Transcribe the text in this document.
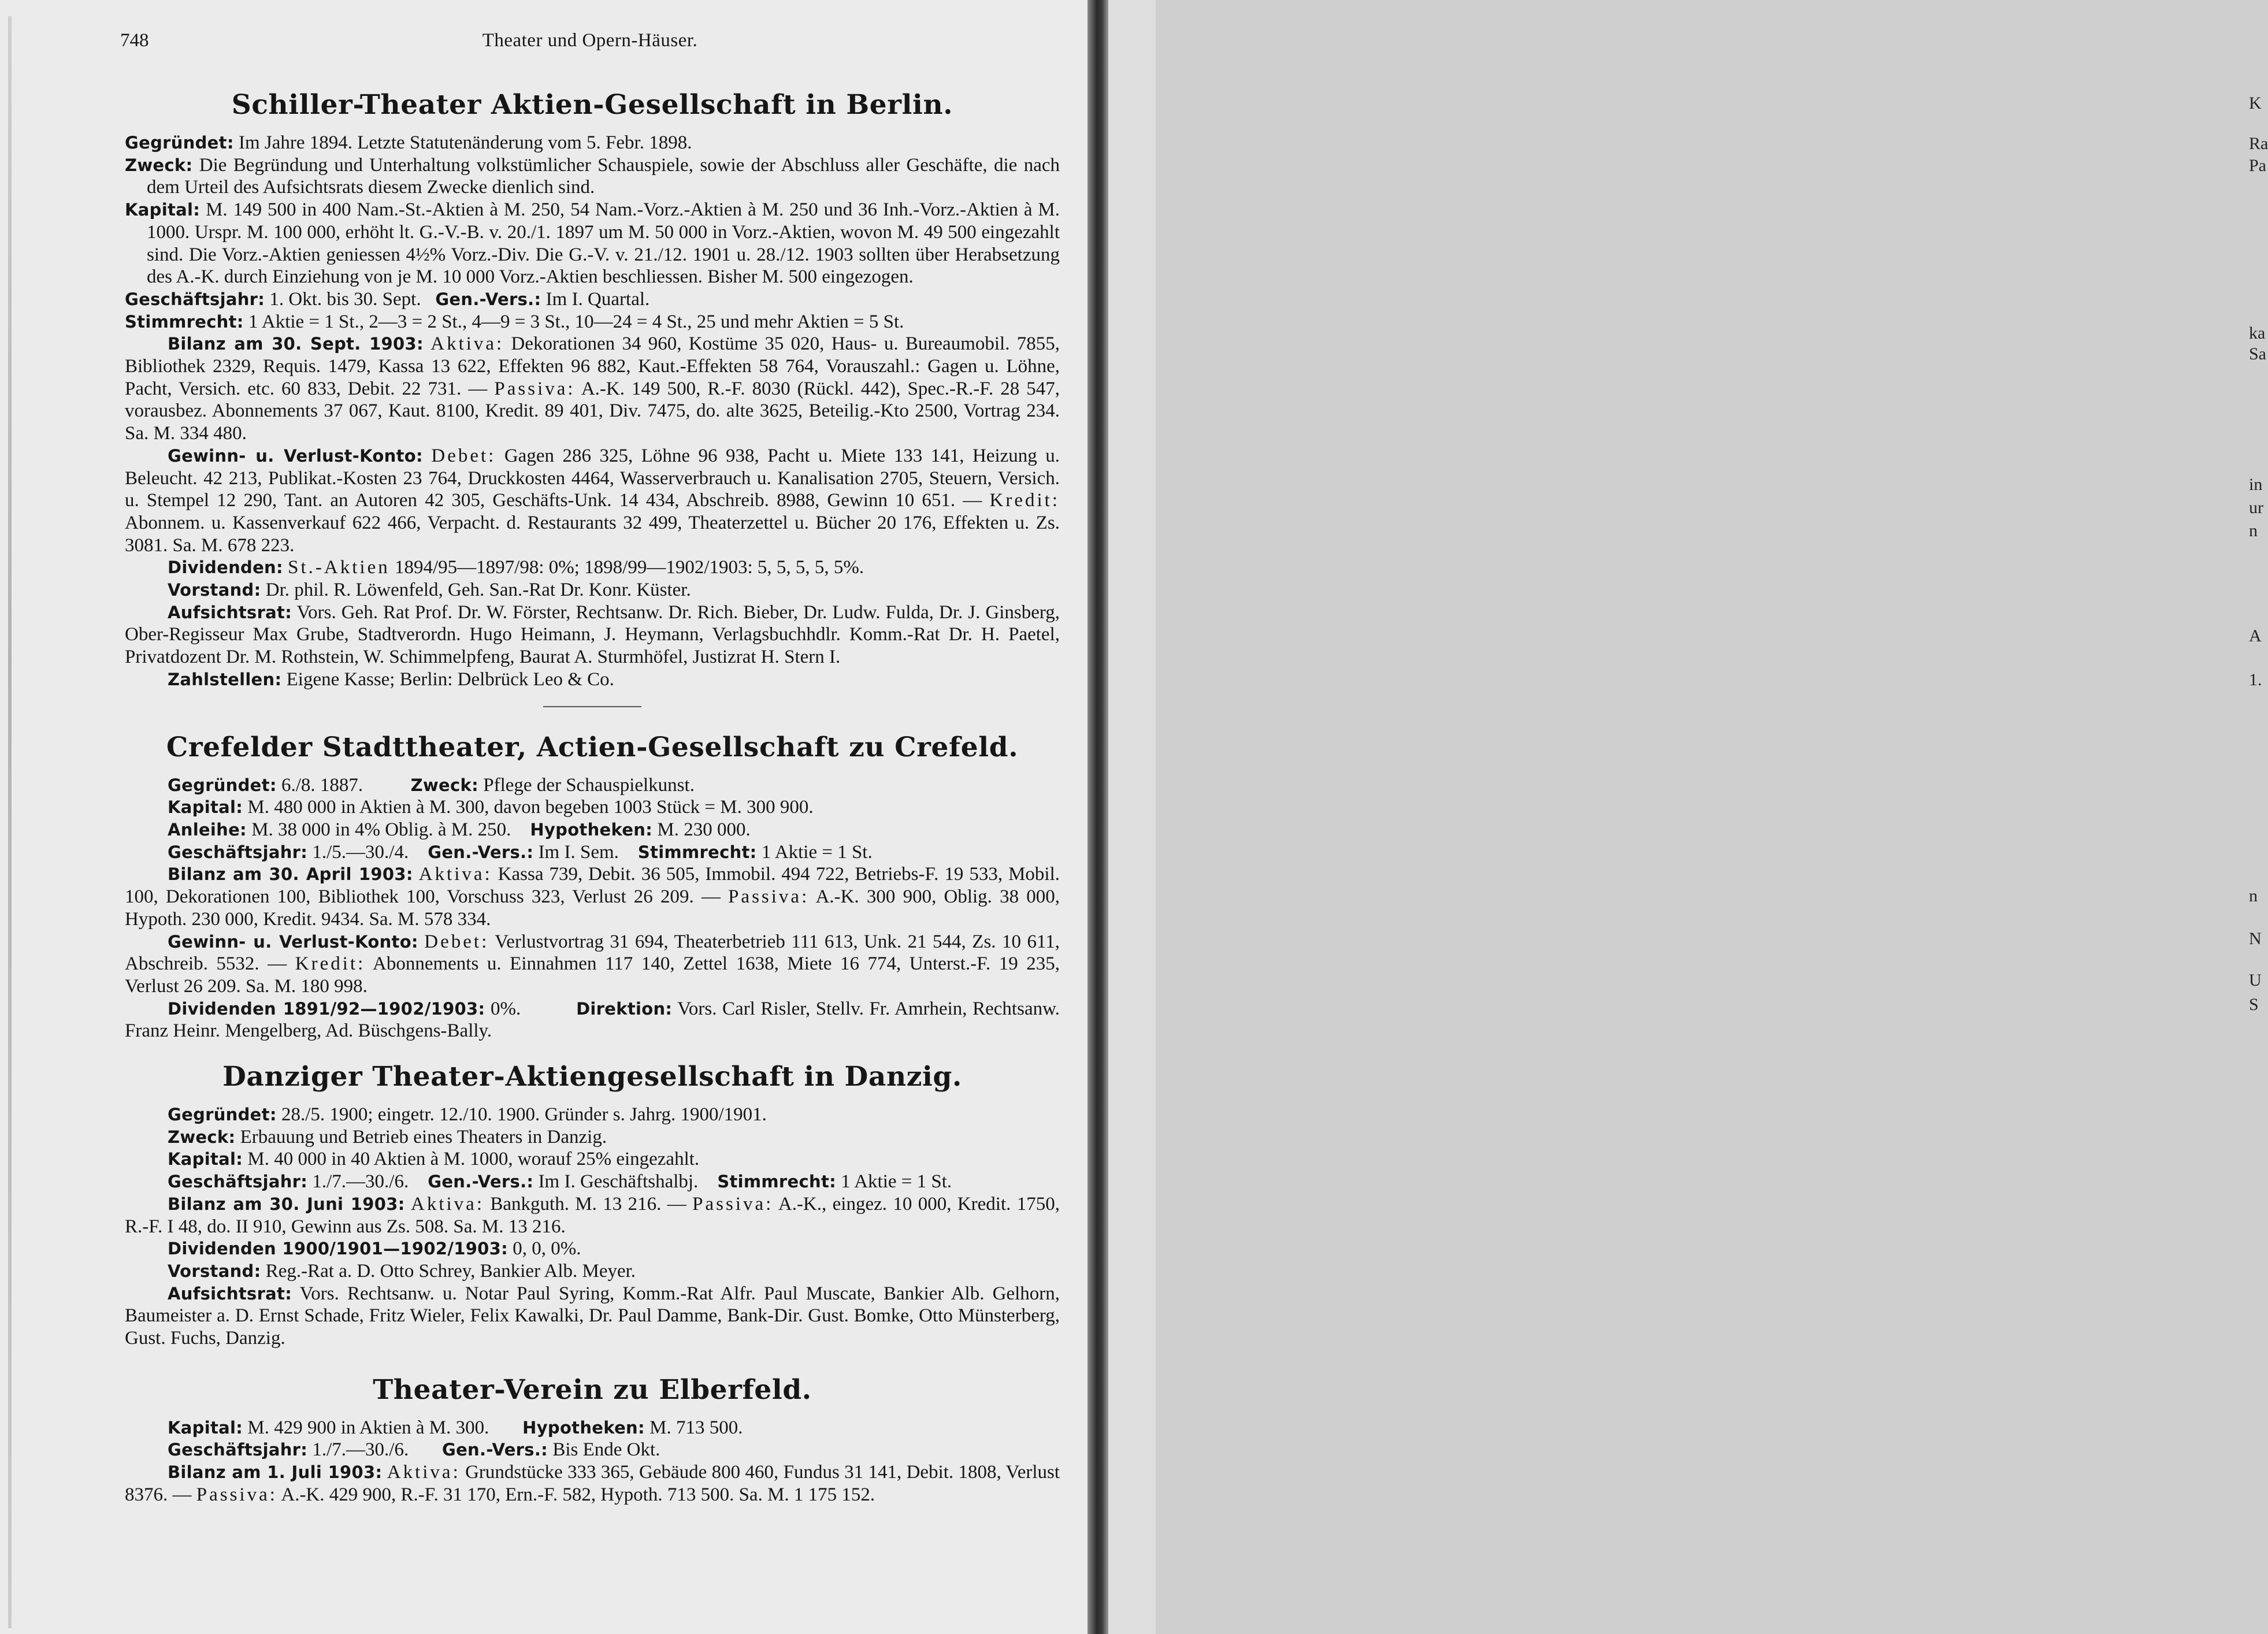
748	Theater und Opern-Häuser.
Schiller-Theater Aktien-Gesellschaft in Berlin.

Gegründet: Im Jahre 1894. Letzte Statutenänderung vom 5. Febr. 1898.

Zweck: Die Begründung und Unterhaltung volkstümlicher Schauspiele, sowie der Abschluss aller Geschäfte, die nach dem Urteil des Aufsichtsrats diesem Zwecke dienlich sind.

Kapital: M. 149 500 in 400 Nam.-St.-Aktien à M. 250, 54 Nam.-Vorz.-Aktien à M. 250 und 36 Inh.-Vorz.-Aktien à M. 1000. Urspr. M. 100 000, erhöht lt. G.-V.-B. v. 20./1. 1897 um M. 50 000 in Vorz.-Aktien, wovon M. 49 500 eingezahlt sind. Die Vorz.-Aktien geniessen 4½% Vorz.-Div. Die G.-V. v. 21./12. 1901 u. 28./12. 1903 sollten über Herabsetzung des A.-K. durch Einziehung von je M. 10 000 Vorz.-Aktien beschliessen. Bisher M. 500 eingezogen.

Geschäftsjahr: 1. Okt. bis 30. Sept. Gen.-Vers.: Im I. Quartal.

Stimmrecht: 1 Aktie = 1 St., 2—3 = 2 St., 4—9 = 3 St., 10—24 = 4 St., 25 und mehr Aktien = 5 St.

Bilanz am 30. Sept. 1903: Aktiva: Dekorationen 34 960, Kostüme 35 020, Haus- u. Bureaumobil. 7855, Bibliothek 2329, Requis. 1479, Kassa 13 622, Effekten 96 882, Kaut.-Effekten 58 764, Vorauszahl.: Gagen u. Löhne, Pacht, Versich. etc. 60 833, Debit. 22 731. — Passiva: A.-K. 149 500, R.-F. 8030 (Rückl. 442), Spec.-R.-F. 28 547, vorausbez. Abonnements 37 067, Kaut. 8100, Kredit. 89 401, Div. 7475, do. alte 3625, Beteilig.-Kto 2500, Vortrag 234. Sa. M. 334 480.

Gewinn- u. Verlust-Konto: Debet: Gagen 286 325, Löhne 96 938, Pacht u. Miete 133 141, Heizung u. Beleucht. 42 213, Publikat.-Kosten 23 764, Druckkosten 4464, Wasserverbrauch u. Kanalisation 2705, Steuern, Versich. u. Stempel 12 290, Tant. an Autoren 42 305, Geschäfts-Unk. 14 434, Abschreib. 8988, Gewinn 10 651. — Kredit: Abonnem. u. Kassenverkauf 622 466, Verpacht. d. Restaurants 32 499, Theaterzettel u. Bücher 20 176, Effekten u. Zs. 3081. Sa. M. 678 223.

Dividenden: St.-Aktien 1894/95—1897/98: 0%; 1898/99—1902/1903: 5, 5, 5, 5, 5%.

Vorstand: Dr. phil. R. Löwenfeld, Geh. San.-Rat Dr. Konr. Küster.

Aufsichtsrat: Vors. Geh. Rat Prof. Dr. W. Förster, Rechtsanw. Dr. Rich. Bieber, Dr. Ludw. Fulda, Dr. J. Ginsberg, Ober-Regisseur Max Grube, Stadtverordn. Hugo Heimann, J. Heymann, Verlagsbuchhdlr. Komm.-Rat Dr. H. Paetel, Privatdozent Dr. M. Rothstein, W. Schimmelpfeng, Baurat A. Sturmhöfel, Justizrat H. Stern I.

Zahlstellen: Eigene Kasse; Berlin: Delbrück Leo & Co.

Crefelder Stadttheater, Actien-Gesellschaft zu Crefeld.

Gegründet: 6./8. 1887.	Zweck: Pflege der Schauspielkunst.

Kapital: M. 480 000 in Aktien à M. 300, davon begeben 1003 Stück = M. 300 900.

Anleihe: M. 38 000 in 4% Oblig. à M. 250. Hypotheken: M. 230 000.

Geschäftsjahr: 1./5.—30./4. Gen.-Vers.: Im I. Sem. Stimmrecht: 1 Aktie = 1 St.

Bilanz am 30. April 1903: Aktiva: Kassa 739, Debit. 36 505, Immobil. 494 722, Betriebs-F. 19 533, Mobil. 100, Dekorationen 100, Bibliothek 100, Vorschuss 323, Verlust 26 209. — Passiva: A.-K. 300 900, Oblig. 38 000, Hypoth. 230 000, Kredit. 9434. Sa. M. 578 334.

Gewinn- u. Verlust-Konto: Debet: Verlustvortrag 31 694, Theaterbetrieb 111 613, Unk. 21 544, Zs. 10 611, Abschreib. 5532. — Kredit: Abonnements u. Einnahmen 117 140, Zettel 1638, Miete 16 774, Unterst.-F. 19 235, Verlust 26 209. Sa. M. 180 998.

Dividenden 1891/92—1902/1903: 0%.	Direktion: Vors. Carl Risler, Stellv. Fr. Amrhein, Rechtsanw. Franz Heinr. Mengelberg, Ad. Büschgens-Bally.

Danziger Theater-Aktiengesellschaft in Danzig.

Gegründet: 28./5. 1900; eingetr. 12./10. 1900. Gründer s. Jahrg. 1900/1901.

Zweck: Erbauung und Betrieb eines Theaters in Danzig.

Kapital: M. 40 000 in 40 Aktien à M. 1000, worauf 25% eingezahlt.

Geschäftsjahr: 1./7.—30./6. Gen.-Vers.: Im I. Geschäftshalbj. Stimmrecht: 1 Aktie = 1 St.

Bilanz am 30. Juni 1903: Aktiva: Bankguth. M. 13 216. — Passiva: A.-K., eingez. 10 000, Kredit. 1750, R.-F. I 48, do. II 910, Gewinn aus Zs. 508. Sa. M. 13 216.

Dividenden 1900/1901—1902/1903: 0, 0, 0%.

Vorstand: Reg.-Rat a. D. Otto Schrey, Bankier Alb. Meyer.

Aufsichtsrat: Vors. Rechtsanw. u. Notar Paul Syring, Komm.-Rat Alfr. Paul Muscate, Bankier Alb. Gelhorn, Baumeister a. D. Ernst Schade, Fritz Wieler, Felix Kawalki, Dr. Paul Damme, Bank-Dir. Gust. Bomke, Otto Münsterberg, Gust. Fuchs, Danzig.

Theater-Verein zu Elberfeld.

Kapital: M. 429 900 in Aktien à M. 300. Hypotheken: M. 713 500.

Geschäftsjahr: 1./7.—30./6. Gen.-Vers.: Bis Ende Okt.

Bilanz am 1. Juli 1903: Aktiva: Grundstücke 333 365, Gebäude 800 460, Fundus 31 141, Debit. 1808, Verlust 8376. — Passiva: A.-K. 429 900, R.-F. 31 170, Ern.-F. 582, Hypoth. 713 500. Sa. M. 1 175 152.

K
Ra
Pa
ka
Sa
in
ur
n
A
1.
n
N
U
S
